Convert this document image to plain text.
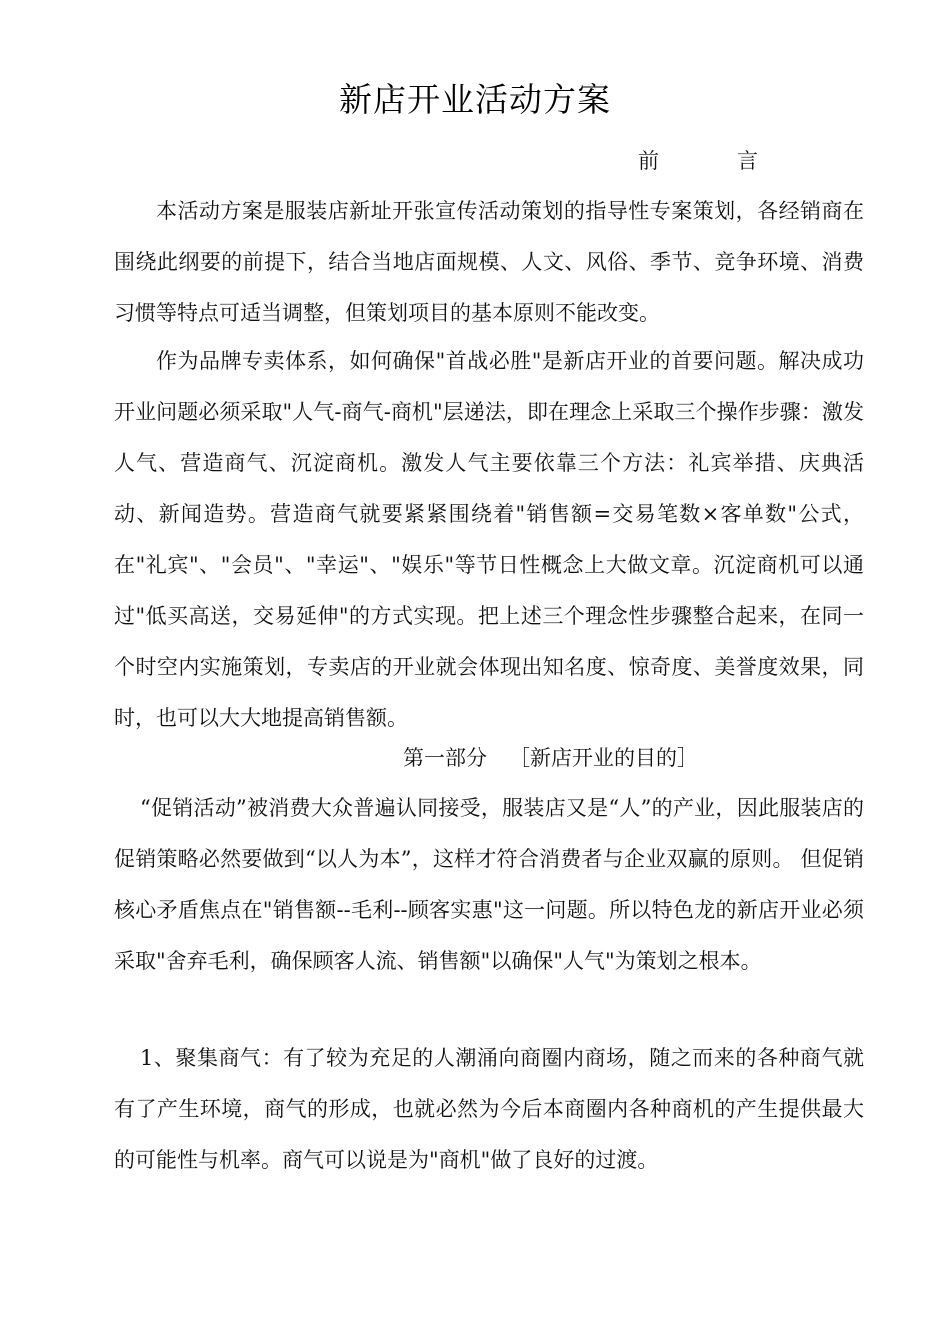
新店开业活动方案
前	言

本活动方案是服装店新址开张宣传活动策划的指导性专案策划，各经销商在围绕此纲要的前提下，结合当地店面规模、人文、风俗、季节、竞争环境、消费习惯等特点可适当调整，但策划项目的基本原则不能改变。

作为品牌专卖体系，如何确保"首战必胜"是新店开业的首要问题。解决成功开业问题必须采取"人气-商气-商机"层递法，即在理念上采取三个操作步骤：激发人气、营造商气、沉淀商机。激发人气主要依靠三个方法：礼宾举措、庆典活动、新闻造势。营造商气就要紧紧围绕着"销售额=交易笔数×客单数"公式，在"礼宾"、"会员"、"幸运"、"娱乐"等节日性概念上大做文章。沉淀商机可以通过"低买高送，交易延伸"的方式实现。把上述三个理念性步骤整合起来，在同一个时空内实施策划，专卖店的开业就会体现出知名度、惊奇度、美誉度效果，同时，也可以大大地提高销售额。

第一部分 ［新店开业的目的］

“促销活动”被消费大众普遍认同接受，服装店又是“人”的产业，因此服装店的促销策略必然要做到“以人为本”，这样才符合消费者与企业双赢的原则。 但促销核心矛盾焦点在"销售额--毛利--顾客实惠"这一问题。所以特色龙的新店开业必须采取"舍弃毛利，确保顾客人流、销售额"以确保"人气"为策划之根本。

1、聚集商气：有了较为充足的人潮涌向商圈内商场，随之而来的各种商气就有了产生环境，商气的形成，也就必然为今后本商圈内各种商机的产生提供最大的可能性与机率。商气可以说是为"商机"做了良好的过渡。
